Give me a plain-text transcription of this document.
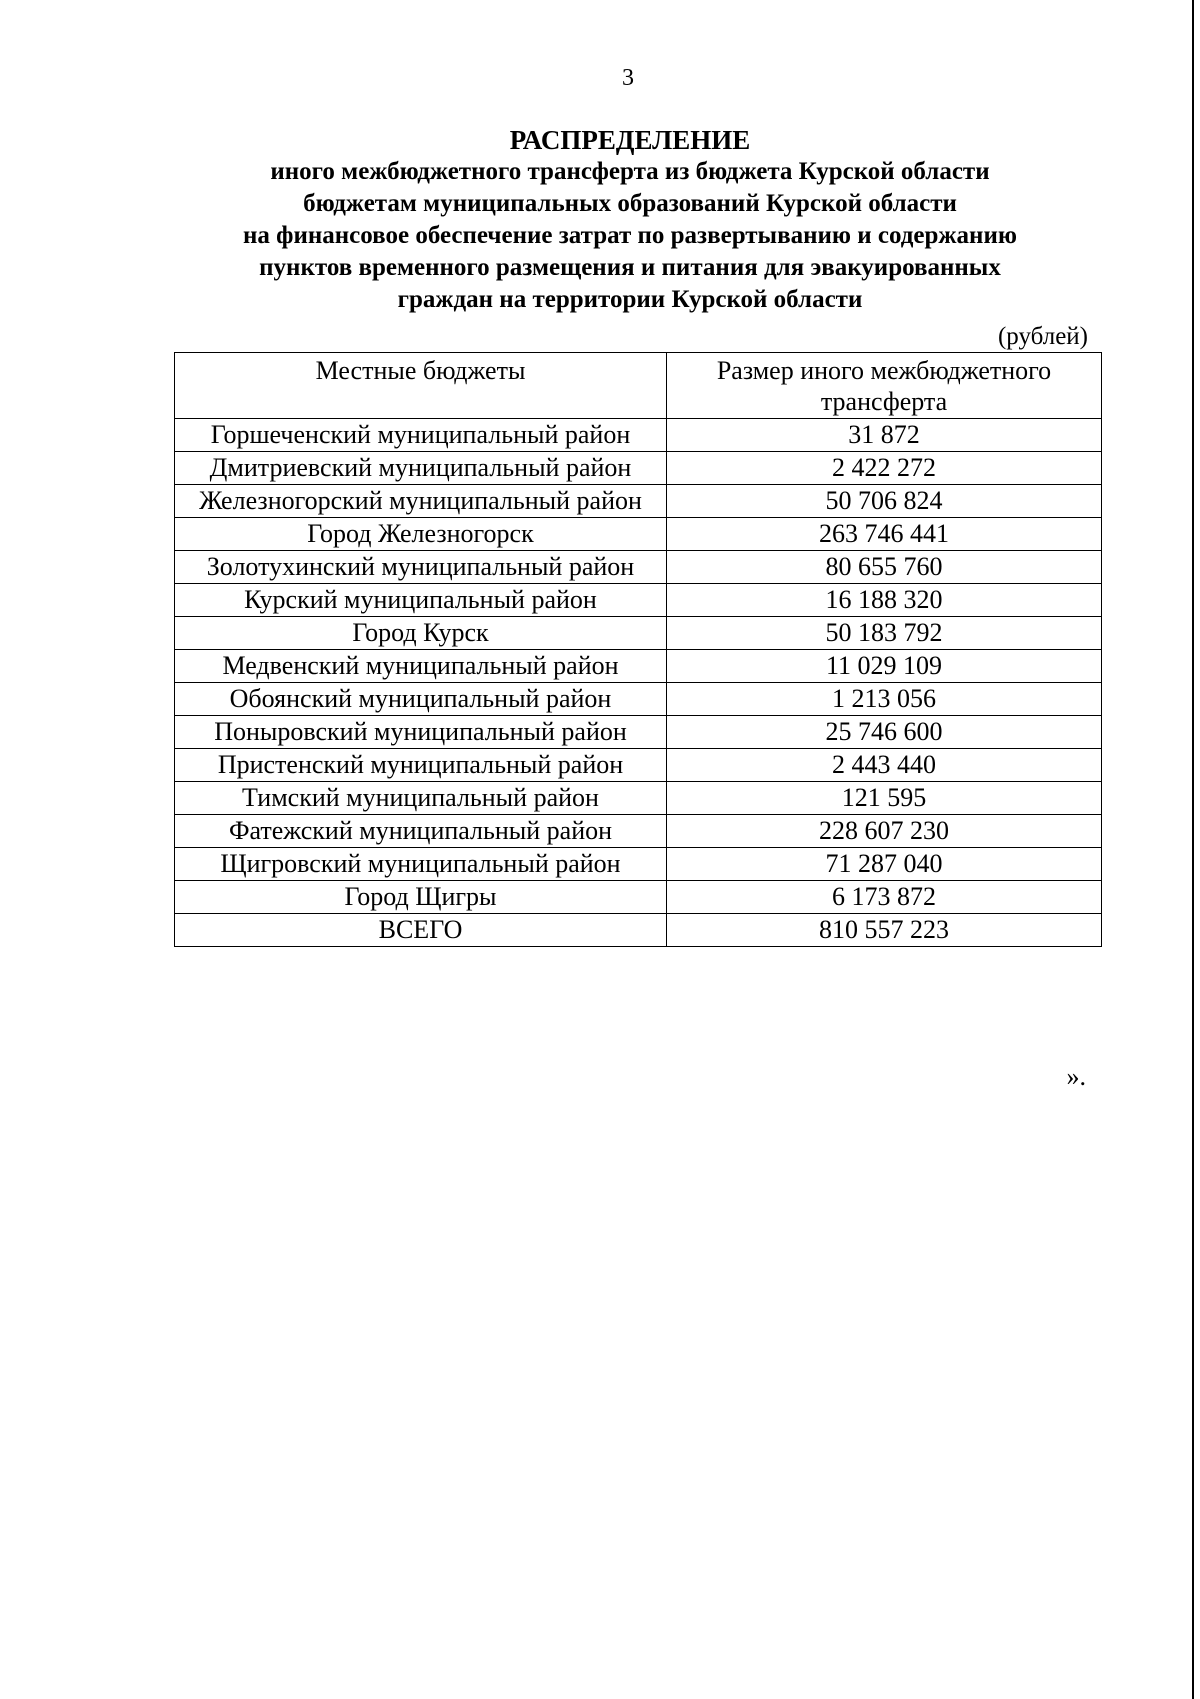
3
РАСПРЕДЕЛЕНИЕ
иного межбюджетного трансферта из бюджета Курской области
бюджетам муниципальных образований Курской области
на финансовое обеспечение затрат по развертыванию и содержанию
пунктов временного размещения и питания для эвакуированных
граждан на территории Курской области
(рублей)
Местные бюджеты	Размер иного межбюджетного трансферта
Горшеченский муниципальный район	31 872
Дмитриевский муниципальный район	2 422 272
Железногорский муниципальный район	50 706 824
Город Железногорск	263 746 441
Золотухинский муниципальный район	80 655 760
Курский муниципальный район	16 188 320
Город Курск	50 183 792
Медвенский муниципальный район	11 029 109
Обоянский муниципальный район	1 213 056
Поныровский муниципальный район	25 746 600
Пристенский муниципальный район	2 443 440
Тимский муниципальный район	121 595
Фатежский муниципальный район	228 607 230
Щигровский муниципальный район	71 287 040
Город Щигры	6 173 872
ВСЕГО	810 557 223
».
